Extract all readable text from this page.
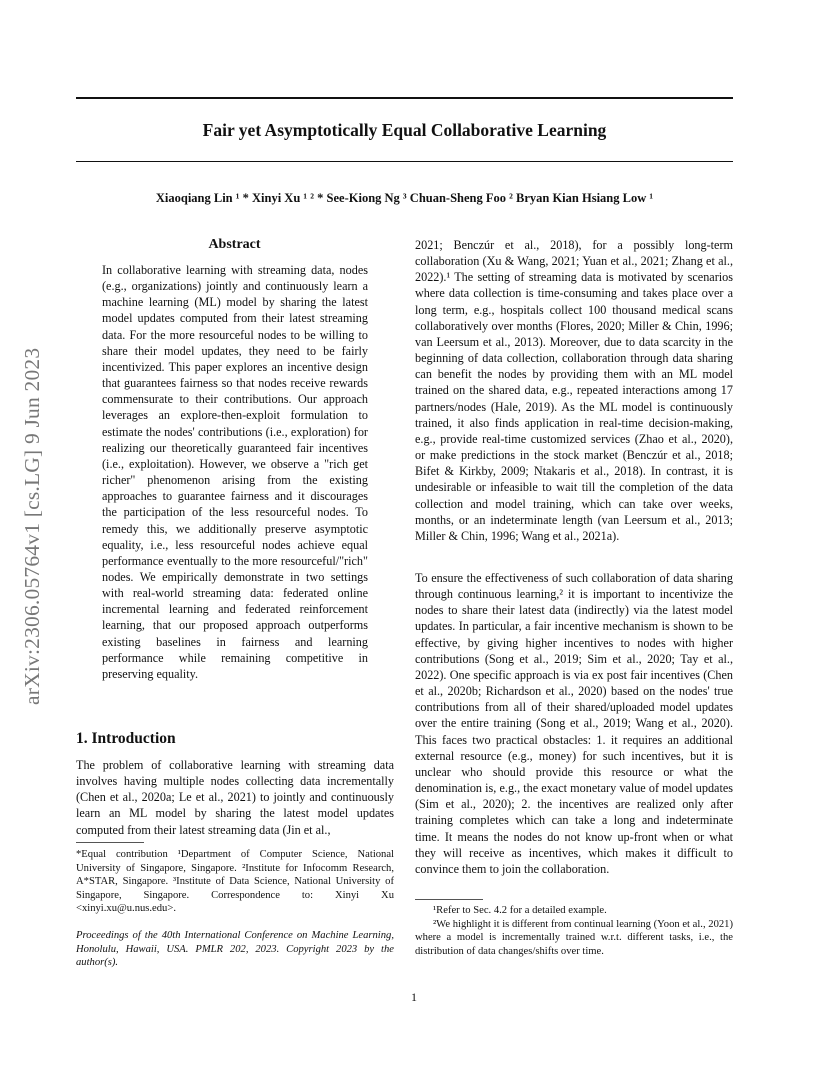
Fair yet Asymptotically Equal Collaborative Learning
Xiaoqiang Lin ¹ * Xinyi Xu ¹ ² * See-Kiong Ng ³ Chuan-Sheng Foo ² Bryan Kian Hsiang Low ¹
arXiv:2306.05764v1 [cs.LG] 9 Jun 2023
Abstract
In collaborative learning with streaming data, nodes (e.g., organizations) jointly and continuously learn a machine learning (ML) model by sharing the latest model updates computed from their latest streaming data. For the more resourceful nodes to be willing to share their model updates, they need to be fairly incentivized. This paper explores an incentive design that guarantees fairness so that nodes receive rewards commensurate to their contributions. Our approach leverages an explore-then-exploit formulation to estimate the nodes' contributions (i.e., exploration) for realizing our theoretically guaranteed fair incentives (i.e., exploitation). However, we observe a "rich get richer" phenomenon arising from the existing approaches to guarantee fairness and it discourages the participation of the less resourceful nodes. To remedy this, we additionally preserve asymptotic equality, i.e., less resourceful nodes achieve equal performance eventually to the more resourceful/"rich" nodes. We empirically demonstrate in two settings with real-world streaming data: federated online incremental learning and federated reinforcement learning, that our proposed approach outperforms existing baselines in fairness and learning performance while remaining competitive in preserving equality.
1. Introduction
The problem of collaborative learning with streaming data involves having multiple nodes collecting data incrementally (Chen et al., 2020a; Le et al., 2021) to jointly and continuously learn an ML model by sharing the latest model updates computed from their latest streaming data (Jin et al.,
*Equal contribution ¹Department of Computer Science, National University of Singapore, Singapore. ²Institute for Infocomm Research, A*STAR, Singapore. ³Institute of Data Science, National University of Singapore, Singapore. Correspondence to: Xinyi Xu <xinyi.xu@u.nus.edu>.
Proceedings of the 40th International Conference on Machine Learning, Honolulu, Hawaii, USA. PMLR 202, 2023. Copyright 2023 by the author(s).
2021; Benczúr et al., 2018), for a possibly long-term collaboration (Xu & Wang, 2021; Yuan et al., 2021; Zhang et al., 2022).¹ The setting of streaming data is motivated by scenarios where data collection is time-consuming and takes place over a long term, e.g., hospitals collect 100 thousand medical scans collaboratively over months (Flores, 2020; Miller & Chin, 1996; van Leersum et al., 2013). Moreover, due to data scarcity in the beginning of data collection, collaboration through data sharing can benefit the nodes by providing them with an ML model trained on the shared data, e.g., repeated interactions among 17 partners/nodes (Hale, 2019). As the ML model is continuously trained, it also finds application in real-time decision-making, e.g., provide real-time customized services (Zhao et al., 2020), or make predictions in the stock market (Benczúr et al., 2018; Bifet & Kirkby, 2009; Ntakaris et al., 2018). In contrast, it is undesirable or infeasible to wait till the completion of the data collection and model training, which can take over weeks, months, or an indeterminate length (van Leersum et al., 2013; Miller & Chin, 1996; Wang et al., 2021a).
To ensure the effectiveness of such collaboration of data sharing through continuous learning,² it is important to incentivize the nodes to share their latest data (indirectly) via the latest model updates. In particular, a fair incentive mechanism is shown to be effective, by giving higher incentives to nodes with higher contributions (Song et al., 2019; Sim et al., 2020; Tay et al., 2022). One specific approach is via ex post fair incentives (Chen et al., 2020b; Richardson et al., 2020) based on the nodes' true contributions from all of their shared/uploaded model updates over the entire training (Song et al., 2019; Wang et al., 2020). This faces two practical obstacles: 1. it requires an additional external resource (e.g., money) for such incentives, but it is unclear who should provide this resource or what the denomination is, e.g., the exact monetary value of model updates (Sim et al., 2020); 2. the incentives are realized only after training completes which can take a long and indeterminate time. It means the nodes do not know up-front when or what they will receive as incentives, which makes it difficult to convince them to join the collaboration.

¹Refer to Sec. 4.2 for a detailed example.

²We highlight it is different from continual learning (Yoon et al., 2021) where a model is incrementally trained w.r.t. different tasks, i.e., the distribution of data changes/shifts over time.

1
